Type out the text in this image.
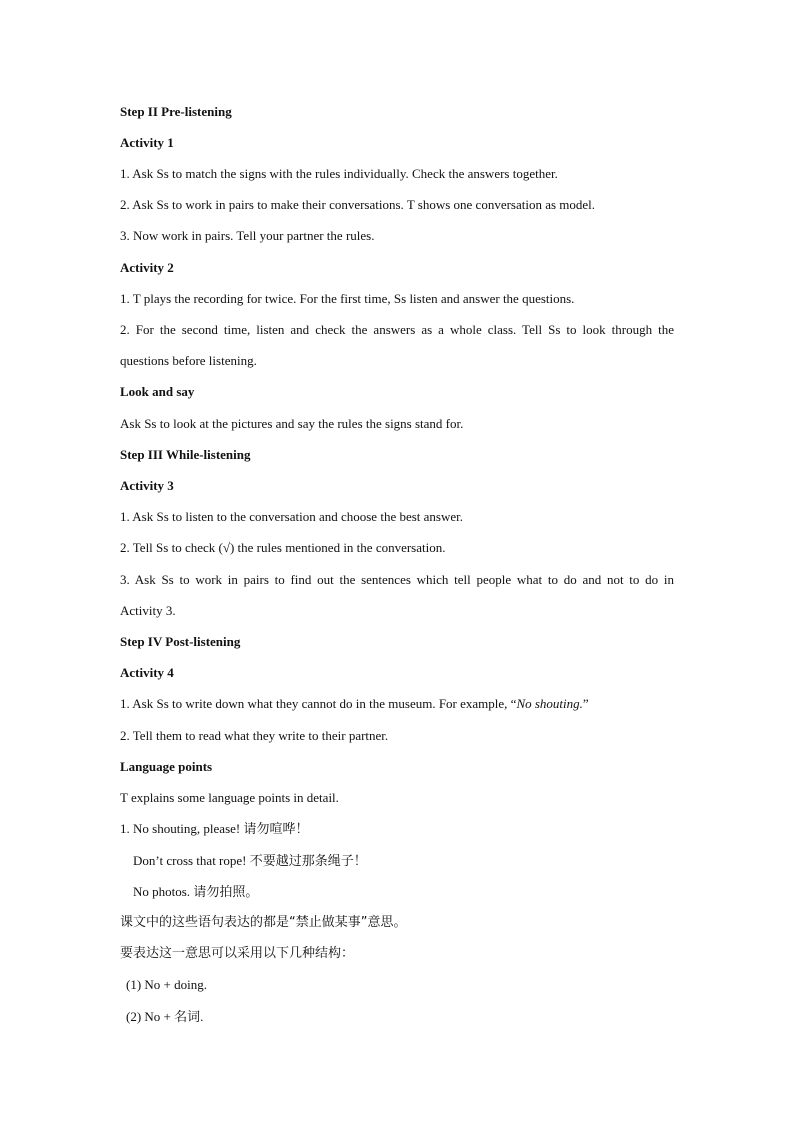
Step II Pre-listening
Activity 1
1. Ask Ss to match the signs with the rules individually. Check the answers together.
2. Ask Ss to work in pairs to make their conversations. T shows one conversation as model.
3. Now work in pairs. Tell your partner the rules.
Activity 2
1. T plays the recording for twice. For the first time, Ss listen and answer the questions.
2. For the second time, listen and check the answers as a whole class. Tell Ss to look through the
questions before listening.
Look and say
Ask Ss to look at the pictures and say the rules the signs stand for.
Step III While-listening
Activity 3
1. Ask Ss to listen to the conversation and choose the best answer.
2. Tell Ss to check (√) the rules mentioned in the conversation.
3. Ask Ss to work in pairs to find out the sentences which tell people what to do and not to do in
Activity 3.
Step IV Post-listening
Activity 4
1. Ask Ss to write down what they cannot do in the museum. For example, “No shouting.”
2. Tell them to read what they write to their partner.
Language points
T explains some language points in detail.
1. No shouting, please! 请勿喧哗！
Don’t cross that rope! 不要越过那条绳子！
No photos. 请勿拍照。
课文中的这些语句表达的都是“禁止做某事”意思。
要表达这一意思可以采用以下几种结构：
(1) No + doing.
(2) No + 名词.
